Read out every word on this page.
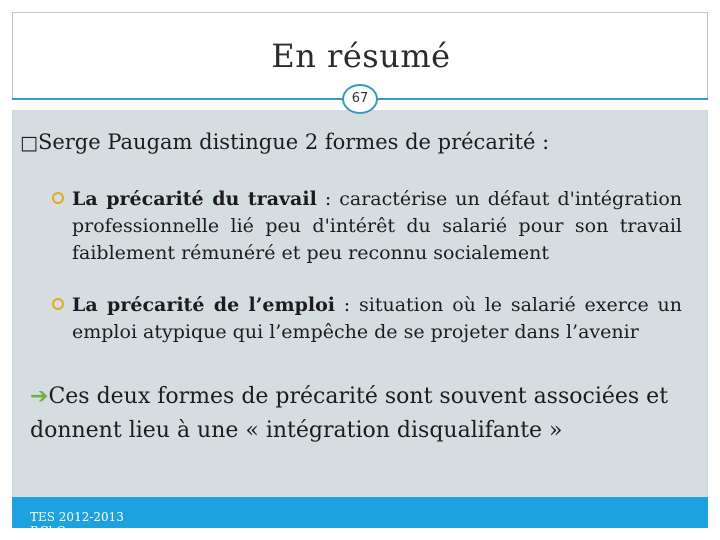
En résumé
67
□Serge Paugam distingue 2 formes de précarité :
La précarité du travail : caractérise un défaut d'intégration professionnelle lié peu d'intérêt du salarié pour son travail faiblement rémunéré et peu reconnu socialement
La précarité de l’emploi : situation où le salarié exerce un emploi atypique qui l’empêche de se projeter dans l’avenir
➔Ces deux formes de précarité sont souvent associées et donnent lieu à une « intégration disqualifante »
TES 2012-2013
P.Cl.C.
